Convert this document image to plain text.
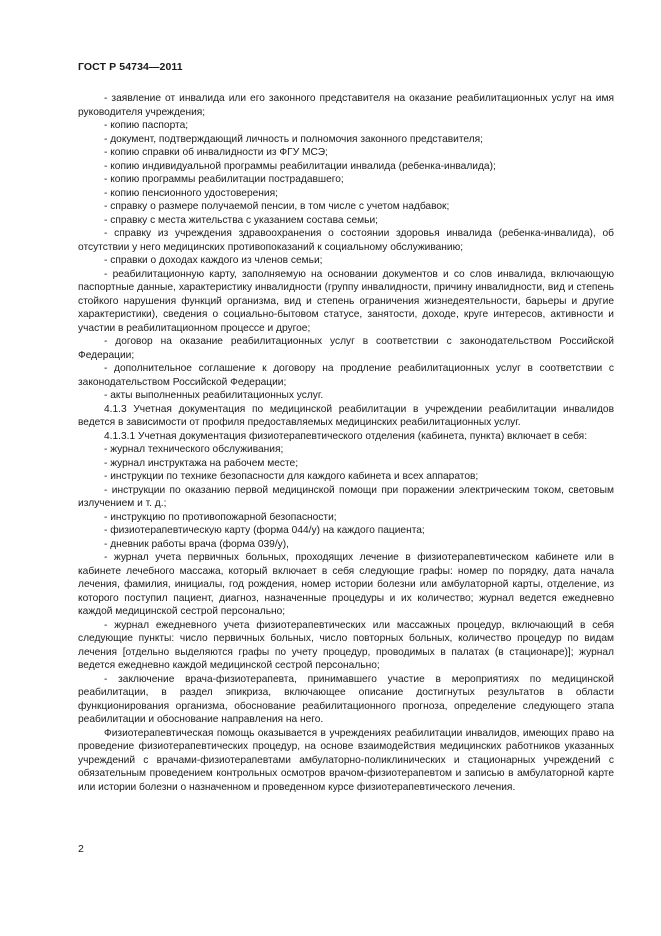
ГОСТ Р 54734—2011

- заявление от инвалида или его законного представителя на оказание реабилитационных услуг на имя руководителя учреждения;

- копию паспорта;

- документ, подтверждающий личность и полномочия законного представителя;

- копию справки об инвалидности из ФГУ МСЭ;

- копию индивидуальной программы реабилитации инвалида (ребенка-инвалида);

- копию программы реабилитации пострадавшего;

- копию пенсионного удостоверения;

- справку о размере получаемой пенсии, в том числе с учетом надбавок;

- справку с места жительства с указанием состава семьи;

- справку из учреждения здравоохранения о состоянии здоровья инвалида (ребенка-инвалида), об отсутствии у него медицинских противопоказаний к социальному обслуживанию;

- справки о доходах каждого из членов семьи;

- реабилитационную карту, заполняемую на основании документов и со слов инвалида, включающую паспортные данные, характеристику инвалидности (группу инвалидности, причину инвалидности, вид и степень стойкого нарушения функций организма, вид и степень ограничения жизнедеятельности, барьеры и другие характеристики), сведения о социально-бытовом статусе, занятости, доходе, круге интересов, активности и участии в реабилитационном процессе и другое;

- договор на оказание реабилитационных услуг в соответствии с законодательством Российской Федерации;

- дополнительное соглашение к договору на продление реабилитационных услуг в соответствии с законодательством Российской Федерации;

- акты выполненных реабилитационных услуг.

4.1.3 Учетная документация по медицинской реабилитации в учреждении реабилитации инвалидов ведется в зависимости от профиля предоставляемых медицинских реабилитационных услуг.

4.1.3.1 Учетная документация физиотерапевтического отделения (кабинета, пункта) включает в себя:

- журнал технического обслуживания;

- журнал инструктажа на рабочем месте;

- инструкции по технике безопасности для каждого кабинета и всех аппаратов;

- инструкции по оказанию первой медицинской помощи при поражении электрическим током, световым излучением и т. д.;

- инструкцию по противопожарной безопасности;

- физиотерапевтическую карту (форма 044/у) на каждого пациента;

- дневник работы врача (форма 039/у),

- журнал учета первичных больных, проходящих лечение в физиотерапевтическом кабинете или в кабинете лечебного массажа, который включает в себя следующие графы: номер по порядку, дата начала лечения, фамилия, инициалы, год рождения, номер истории болезни или амбулаторной карты, отделение, из которого поступил пациент, диагноз, назначенные процедуры и их количество; журнал ведется ежедневно каждой медицинской сестрой персонально;

- журнал ежедневного учета физиотерапевтических или массажных процедур, включающий в себя следующие пункты: число первичных больных, число повторных больных, количество процедур по видам лечения [отдельно выделяются графы по учету процедур, проводимых в палатах (в стационаре)]; журнал ведется ежедневно каждой медицинской сестрой персонально;

- заключение врача-физиотерапевта, принимавшего участие в мероприятиях по медицинской реабилитации, в раздел эпикриза, включающее описание достигнутых результатов в области функционирования организма, обоснование реабилитационного прогноза, определение следующего этапа реабилитации и обоснование направления на него.

Физиотерапевтическая помощь оказывается в учреждениях реабилитации инвалидов, имеющих право на проведение физиотерапевтических процедур, на основе взаимодействия медицинских работников указанных учреждений с врачами-физиотерапевтами амбулаторно-поликлинических и стационарных учреждений с обязательным проведением контрольных осмотров врачом-физиотерапевтом и записью в амбулаторной карте или истории болезни о назначенном и проведенном курсе физиотерапевтического лечения.

2
